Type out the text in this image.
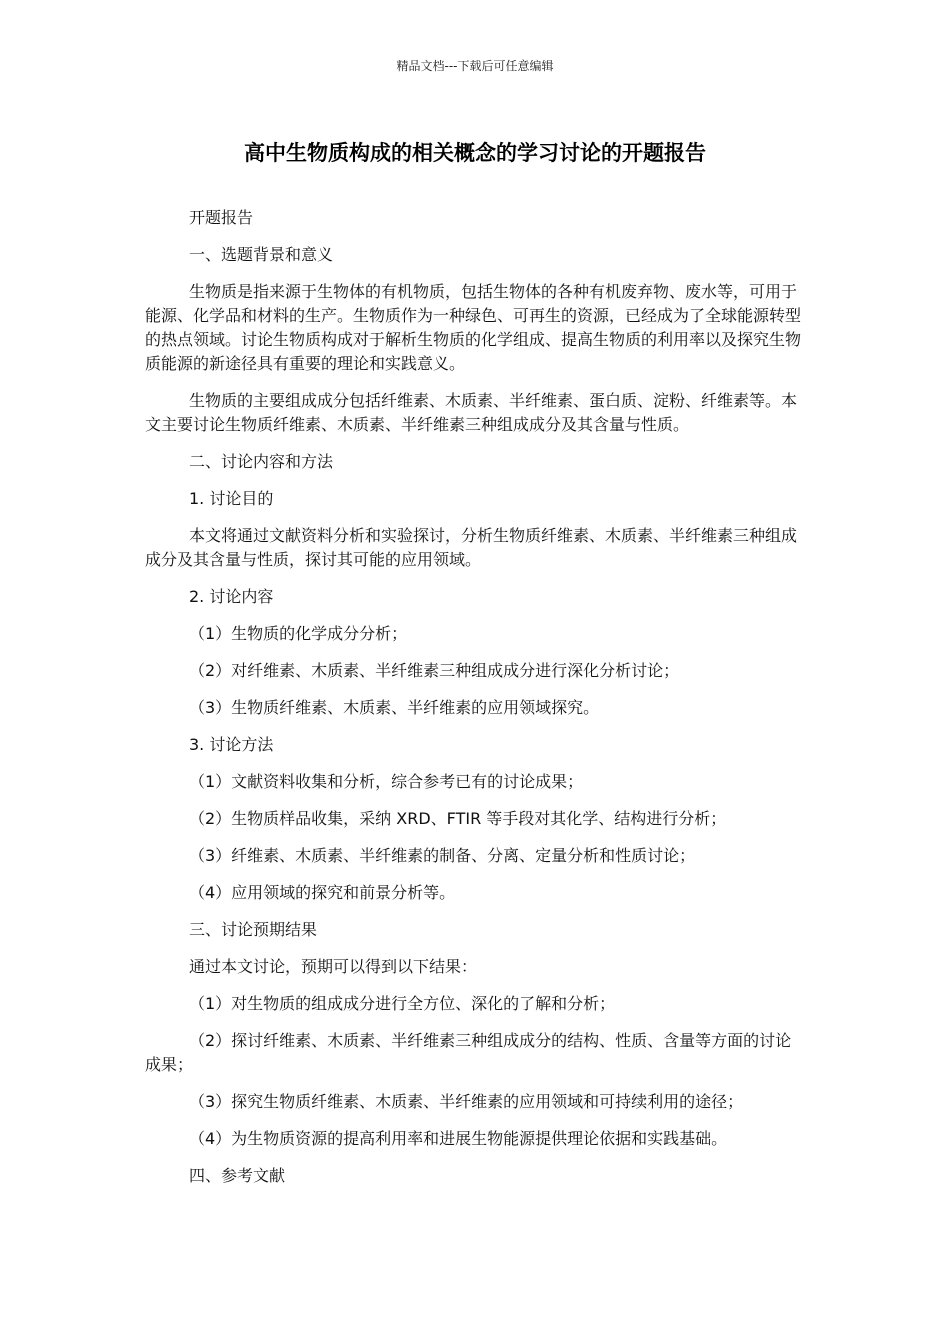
精品文档---下载后可任意编辑
高中生物质构成的相关概念的学习讨论的开题报告

开题报告

一、选题背景和意义

生物质是指来源于生物体的有机物质，包括生物体的各种有机废弃物、废水等，可用于能源、化学品和材料的生产。生物质作为一种绿色、可再生的资源，已经成为了全球能源转型的热点领域。讨论生物质构成对于解析生物质的化学组成、提高生物质的利用率以及探究生物质能源的新途径具有重要的理论和实践意义。

生物质的主要组成成分包括纤维素、木质素、半纤维素、蛋白质、淀粉、纤维素等。本文主要讨论生物质纤维素、木质素、半纤维素三种组成成分及其含量与性质。

二、讨论内容和方法

1. 讨论目的

本文将通过文献资料分析和实验探讨，分析生物质纤维素、木质素、半纤维素三种组成成分及其含量与性质，探讨其可能的应用领域。

2. 讨论内容

（1）生物质的化学成分分析；

（2）对纤维素、木质素、半纤维素三种组成成分进行深化分析讨论；

（3）生物质纤维素、木质素、半纤维素的应用领域探究。

3. 讨论方法

（1）文献资料收集和分析，综合参考已有的讨论成果；

（2）生物质样品收集，采纳 XRD、FTIR 等手段对其化学、结构进行分析；

（3）纤维素、木质素、半纤维素的制备、分离、定量分析和性质讨论；

（4）应用领域的探究和前景分析等。

三、讨论预期结果

通过本文讨论，预期可以得到以下结果：

（1）对生物质的组成成分进行全方位、深化的了解和分析；

（2）探讨纤维素、木质素、半纤维素三种组成成分的结构、性质、含量等方面的讨论成果；

（3）探究生物质纤维素、木质素、半纤维素的应用领域和可持续利用的途径；

（4）为生物质资源的提高利用率和进展生物能源提供理论依据和实践基础。

四、参考文献
